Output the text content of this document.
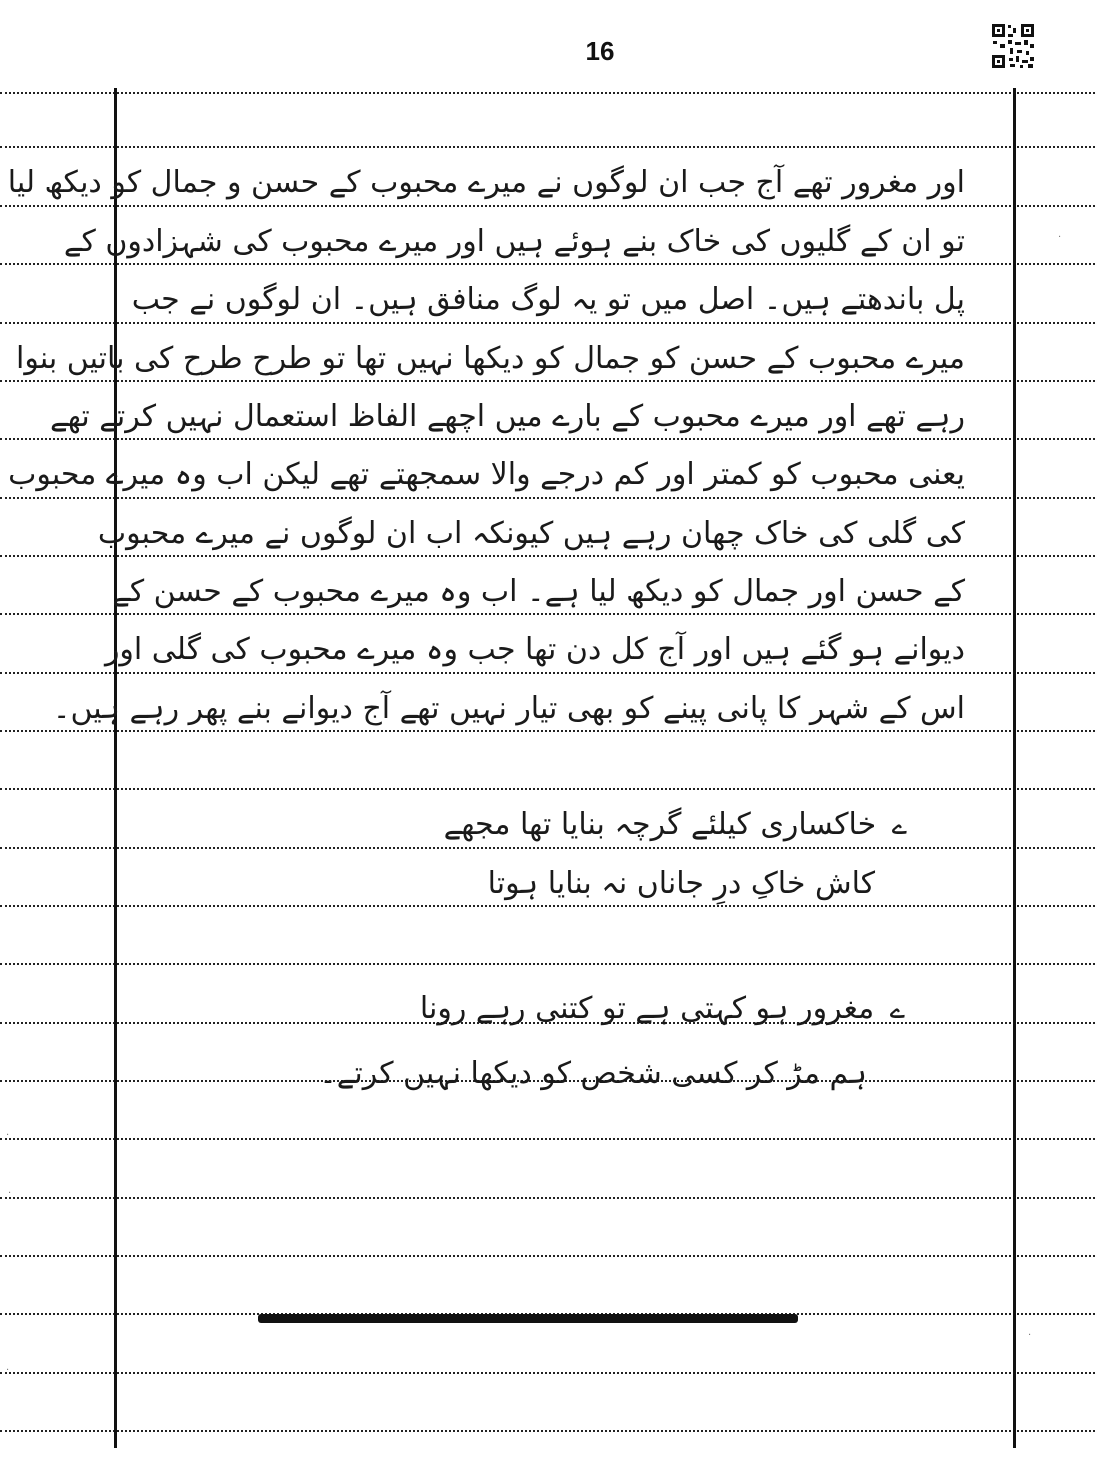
16
اور مغرور تھے آج جب ان لوگوں نے میرے محبوب کے حسن و جمال کو دیکھ لیا
تو ان کے گلیوں کی خاک بنے ہوئے ہیں اور میرے محبوب کی شہزادوں کے
پل باندھتے ہیں۔ اصل میں تو یہ لوگ منافق ہیں۔ ان لوگوں نے جب
میرے محبوب کے حسن کو جمال کو دیکھا نہیں تھا تو طرح طرح کی باتیں بنوا
رہے تھے اور میرے محبوب کے بارے میں اچھے الفاظ استعمال نہیں کرتے تھے
یعنی محبوب کو کمتر اور کم درجے والا سمجھتے تھے لیکن اب وہ میرے محبوب
کی گلی کی خاک چھان رہے ہیں کیونکہ اب ان لوگوں نے میرے محبوب
کے حسن اور جمال کو دیکھ لیا ہے۔ اب وہ میرے محبوب کے حسن کے
دیوانے ہو گئے ہیں اور آج کل دن تھا جب وہ میرے محبوب کی گلی اور
اس کے شہر کا پانی پینے کو بھی تیار نہیں تھے آج دیوانے بنے پھر رہے ہیں۔
ے خاکساری کیلئے گرچہ بنایا تھا مجھے
کاش خاکِ درِ جاناں نہ بنایا ہوتا
ے مغرور ہو کہتی ہے تو کتنی رہے رونا
ہم مڑ کر کسی شخص کو دیکھا نہیں کرتے۔
·
·
·
·
·
